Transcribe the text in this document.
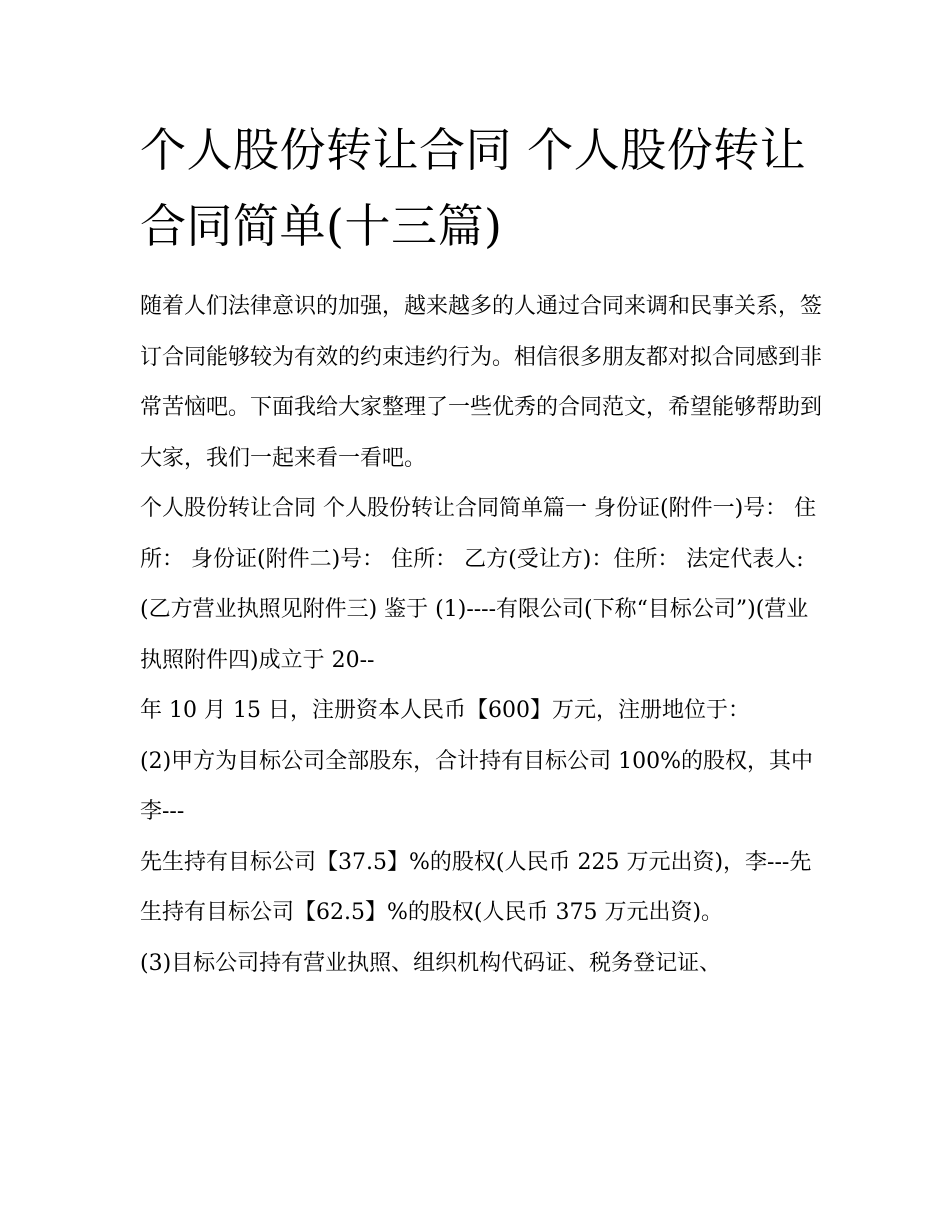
个人股份转让合同 个人股份转让合同简单(十三篇)

随着人们法律意识的加强，越来越多的人通过合同来调和民事关系，签订合同能够较为有效的约束违约行为。相信很多朋友都对拟合同感到非常苦恼吧。下面我给大家整理了一些优秀的合同范文，希望能够帮助到大家，我们一起来看一看吧。

个人股份转让合同 个人股份转让合同简单篇一 身份证(附件一)号： 住所： 身份证(附件二)号： 住所： 乙方(受让方)：住所： 法定代表人:

(乙方营业执照见附件三) 鉴于 (1)----有限公司(下称“目标公司”)(营业执照附件四)成立于 20--

年 10 月 15 日，注册资本人民币【600】万元，注册地位于：

(2)甲方为目标公司全部股东，合计持有目标公司 100%的股权，其中李---

先生持有目标公司【37.5】%的股权(人民币 225 万元出资)，李---先生持有目标公司【62.5】%的股权(人民币 375 万元出资)。

(3)目标公司持有营业执照、组织机构代码证、税务登记证、
